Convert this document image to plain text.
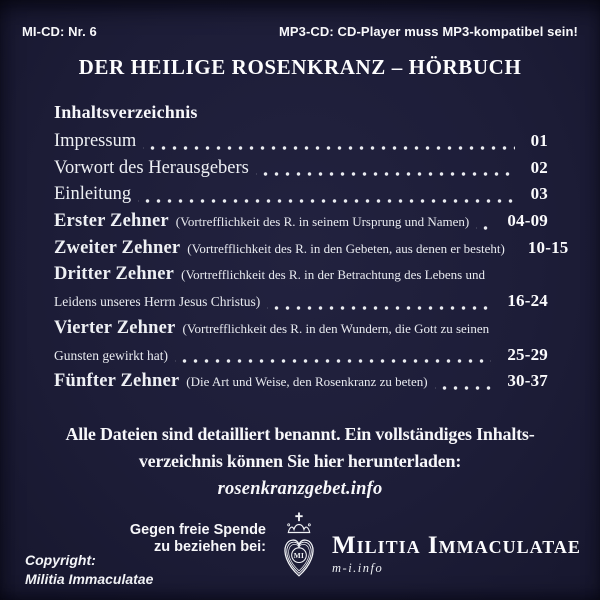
MI-CD: Nr. 6	MP3-CD: CD-Player muss MP3-kompatibel sein!
DER HEILIGE ROSENKRANZ – HÖRBUCH
Inhaltsverzeichnis
Impressum	01
Vorwort des Herausgebers	02
Einleitung	03
Erster Zehner (Vortrefflichkeit des R. in seinem Ursprung und Namen) 04-09
Zweiter Zehner (Vortrefflichkeit des R. in den Gebeten, aus denen er besteht) 10-15
Dritter Zehner (Vortrefflichkeit des R. in der Betrachtung des Lebens und
Leidens unseres Herrn Jesus Christus)	16-24
Vierter Zehner (Vortrefflichkeit des R. in den Wundern, die Gott zu seinen
Gunsten gewirkt hat)	25-29
Fünfter Zehner (Die Art und Weise, den Rosenkranz zu beten)	30-37
Alle Dateien sind detailliert benannt. Ein vollständiges Inhalts-
verzeichnis können Sie hier herunterladen:
rosenkranzgebet.info
Copyright:
Militia Immaculatae
Gegen freie Spende
zu beziehen bei:
MI Militia Immaculatae
m-i.info
